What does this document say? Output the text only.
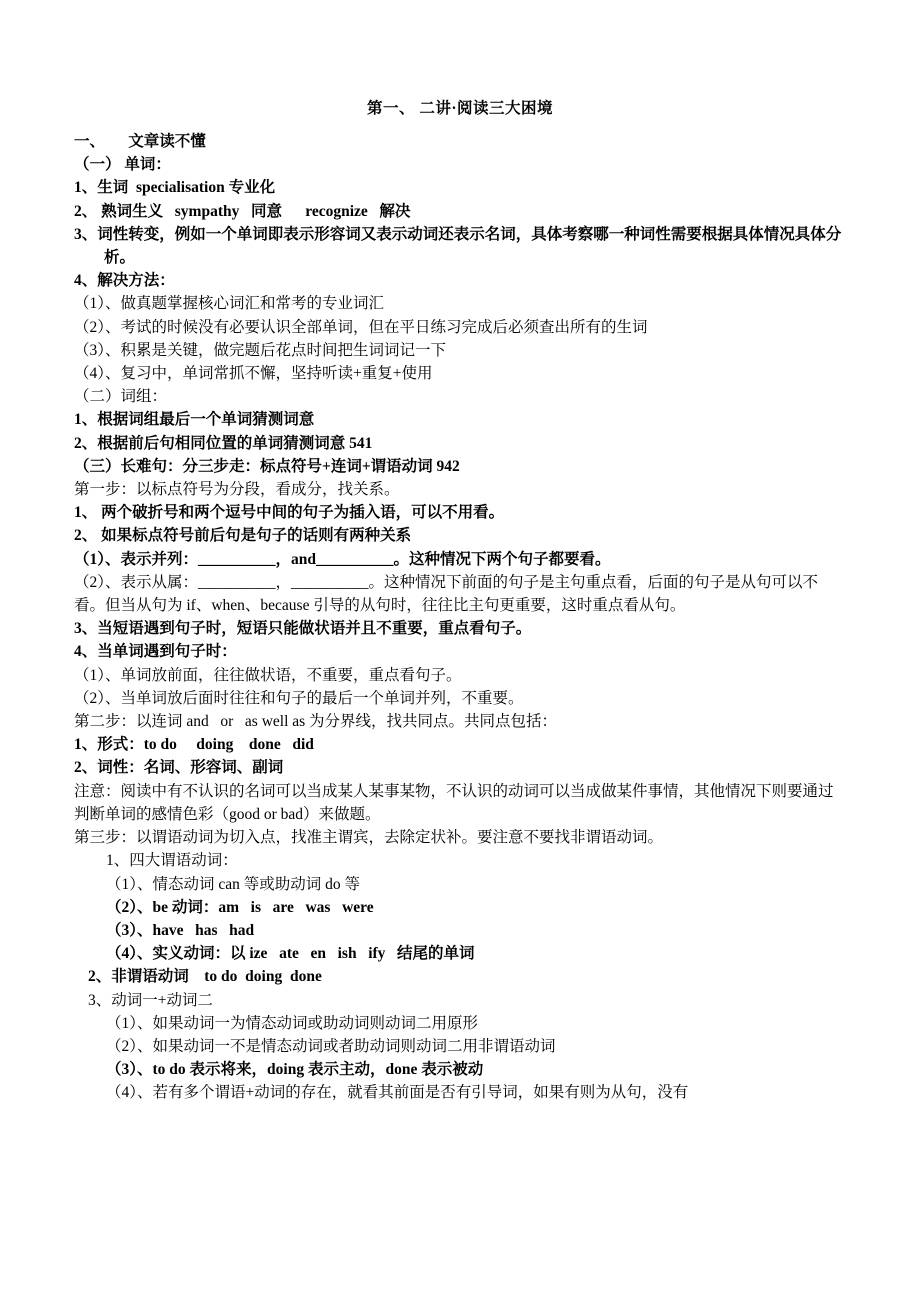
第一、 二讲·阅读三大困境

一、      文章读不懂

（一） 单词：

1、生词  specialisation 专业化

2、 熟词生义   sympathy   同意      recognize   解决

3、词性转变，例如一个单词即表示形容词又表示动词还表示名词，具体考察哪一种词性需要根据具体情况具体分析。

4、解决方法：

（1）、做真题掌握核心词汇和常考的专业词汇

（2）、考试的时候没有必要认识全部单词，但在平日练习完成后必须查出所有的生词

（3）、积累是关键，做完题后花点时间把生词词记一下

（4）、复习中，单词常抓不懈，坚持听读+重复+使用

（二）词组：

1、根据词组最后一个单词猜测词意

2、根据前后句相同位置的单词猜测词意 541

（三）长难句：分三步走：标点符号+连词+谓语动词 942

第一步：以标点符号为分段，看成分，找关系。

1、 两个破折号和两个逗号中间的句子为插入语，可以不用看。

2、 如果标点符号前后句是句子的话则有两种关系

（1）、表示并列：__________，and__________。这种情况下两个句子都要看。

（2）、表示从属：__________，__________。这种情况下前面的句子是主句重点看，后面的句子是从句可以不看。但当从句为 if、when、because 引导的从句时，往往比主句更重要，这时重点看从句。

3、当短语遇到句子时，短语只能做状语并且不重要，重点看句子。

4、当单词遇到句子时：

（1）、单词放前面，往往做状语，不重要，重点看句子。

（2）、当单词放后面时往往和句子的最后一个单词并列，不重要。

第二步：以连词 and   or   as well as 为分界线，找共同点。共同点包括：

1、形式：to do     doing    done   did

2、词性：名词、形容词、副词

注意：阅读中有不认识的名词可以当成某人某事某物，不认识的动词可以当成做某件事情，其他情况下则要通过判断单词的感情色彩（good or bad）来做题。

第三步：以谓语动词为切入点，找准主谓宾，去除定状补。要注意不要找非谓语动词。

1、四大谓语动词：

（1）、情态动词 can 等或助动词 do 等

（2）、be 动词：am   is   are   was   were

（3）、have   has   had

（4）、实义动词：以 ize   ate   en   ish   ify   结尾的单词

2、非谓语动词    to do  doing  done

3、动词一+动词二

（1）、如果动词一为情态动词或助动词则动词二用原形

（2）、如果动词一不是情态动词或者助动词则动词二用非谓语动词

（3）、to do 表示将来，doing 表示主动，done 表示被动

（4）、若有多个谓语+动词的存在，就看其前面是否有引导词，如果有则为从句，没有
